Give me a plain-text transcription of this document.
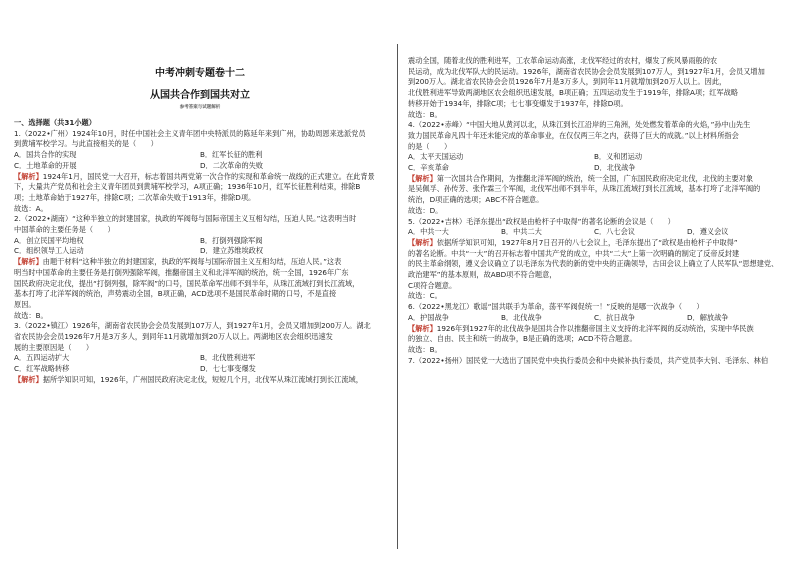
中考冲刺专题卷十二
从国共合作到国共对立
参考答案与试题解析

一、选择题（共31小题）

1.（2022•广州）1924年10月，时任中国社会主义青年团中央特派员的陈延年来到广州，协助周恩来选派党员

到黄埔军校学习。与此直接相关的是（　　）

A．国共合作的实现	B．红军长征的胜利
C．土地革命的开展	D．二次革命的失败

【解析】1924年1月，国民党一大召开，标志着国共两党第一次合作的实现和革命统一战线的正式建立。在此背景

下，大量共产党员和社会主义青年团员到黄埔军校学习，A项正确；1936年10月，红军长征胜利结束，排除B

项；土地革命始于1927年，排除C项；二次革命失败于1913年，排除D项。

故选：A。

2.（2022•湖南）“这种半独立的封建国家，执政的军阀每与国际帝国主义互相勾结，压迫人民。”这表明当时

中国革命的主要任务是（　　）

A．创立民国平均地权	B．打倒列强除军阀
C．组织领导工人运动	D．建立苏维埃政权

【解析】由题干材料“这种半独立的封建国家，执政的军阀每与国际帝国主义互相勾结，压迫人民。”这表

明当时中国革命的主要任务是打倒列强除军阀，推翻帝国主义和北洋军阀的统治，统一全国，1926年广东

国民政府决定北伐，提出“打倒列强，除军阀”的口号，国民革命军出师不到半年，从珠江流域打到长江流域，

基本打垮了北洋军阀的统治，声势震动全国，B项正确，ACD选项不是国民革命时期的口号，不是直接

原因。

故选：B。

3.（2022•镇江）1926年，湖南省农民协会会员发展到107万人，到1927年1月，会员又增加到200万人。湖北

省农民协会会员1926年7月是3万多人，到同年11月就增加到20万人以上。两湖地区农会组织迅速发

展的主要原因是（　　）

A．五四运动扩大	B．北伐胜利进军
C．红军战略转移	D．七七事变爆发

【解析】据所学知识可知，1926年，广州国民政府决定北伐，短短几个月，北伐军从珠江流域打到长江流域，

震动全国，随着北伐的胜利进军，工农革命运动高涨，北伐军经过的农村，爆发了疾风暴雨般的农

民运动，成为北伐军队大的民运动。1926年，湖南省农民协会会员发展到107万人，到1927年1月，会员又增加

到200万人。湖北省农民协会会员1926年7月是3万多人，到同年11月就增加到20万人以上。因此，

北伐胜利进军导致两湖地区农会组织迅速发展，B项正确；五四运动发生于1919年，排除A项；红军战略

转移开始于1934年，排除C项；七七事变爆发于1937年，排除D项。

故选：B。

4.（2022•赤峰）“中国大地从黄河以北，从珠江到长江沿岸的三角洲，处处燃发着革命的火焰，”孙中山先生

致力国民革命凡四十年还未能完成的革命事业，在仅仅两三年之内，获得了巨大的成就。”以上材料所指会

的是（　　）

A．太平天国运动	B．义和团运动
C．辛亥革命	D．北伐战争

【解析】第一次国共合作期间，为推翻北洋军阀的统治，统一全国，广东国民政府决定北伐，北伐的主要对象

是吴佩孚、孙传芳、张作霖三个军阀，北伐军出师不到半年，从珠江流域打到长江流域，基本打垮了北洋军阀的

统治，D项正确的选项；ABC不符合题意。

故选：D。

5.（2022•吉林）毛泽东提出“政权是由枪杆子中取得”的著名论断的会议是（　　）

A．中共一大	B．中共二大	C．八七会议	D．遵义会议

【解析】依据所学知识可知，1927年8月7日召开的八七会议上，毛泽东提出了“政权是由枪杆子中取得”

的著名论断。中共“一大”的召开标志着中国共产党的成立，中共“二大”上第一次明确的制定了反帝反封建

的民主革命纲领，遵义会议确立了以毛泽东为代表的新的党中央的正确领导，古田会议上确立了人民军队“思想建党、政治建军”的基本原则，故ABD项不符合题意，

C项符合题意。

故选：C。

6.（2022•黑龙江）歌谣“国共联手为革命，荡平军阀促统一！”反映的是哪一次战争（　　）

A．护国战争	B．北伐战争	C．抗日战争	D．解放战争

【解析】1926年到1927年的北伐战争是国共合作以推翻帝国主义支持的北洋军阀的反动统治，实现中华民族

的独立、自由、民主和统一的战争，B是正确的选项；ACD不符合题意。

故选：B。

7.（2022•扬州）国民党一大选出了国民党中央执行委员会和中央候补执行委员，共产党员李大钊、毛泽东、林伯
